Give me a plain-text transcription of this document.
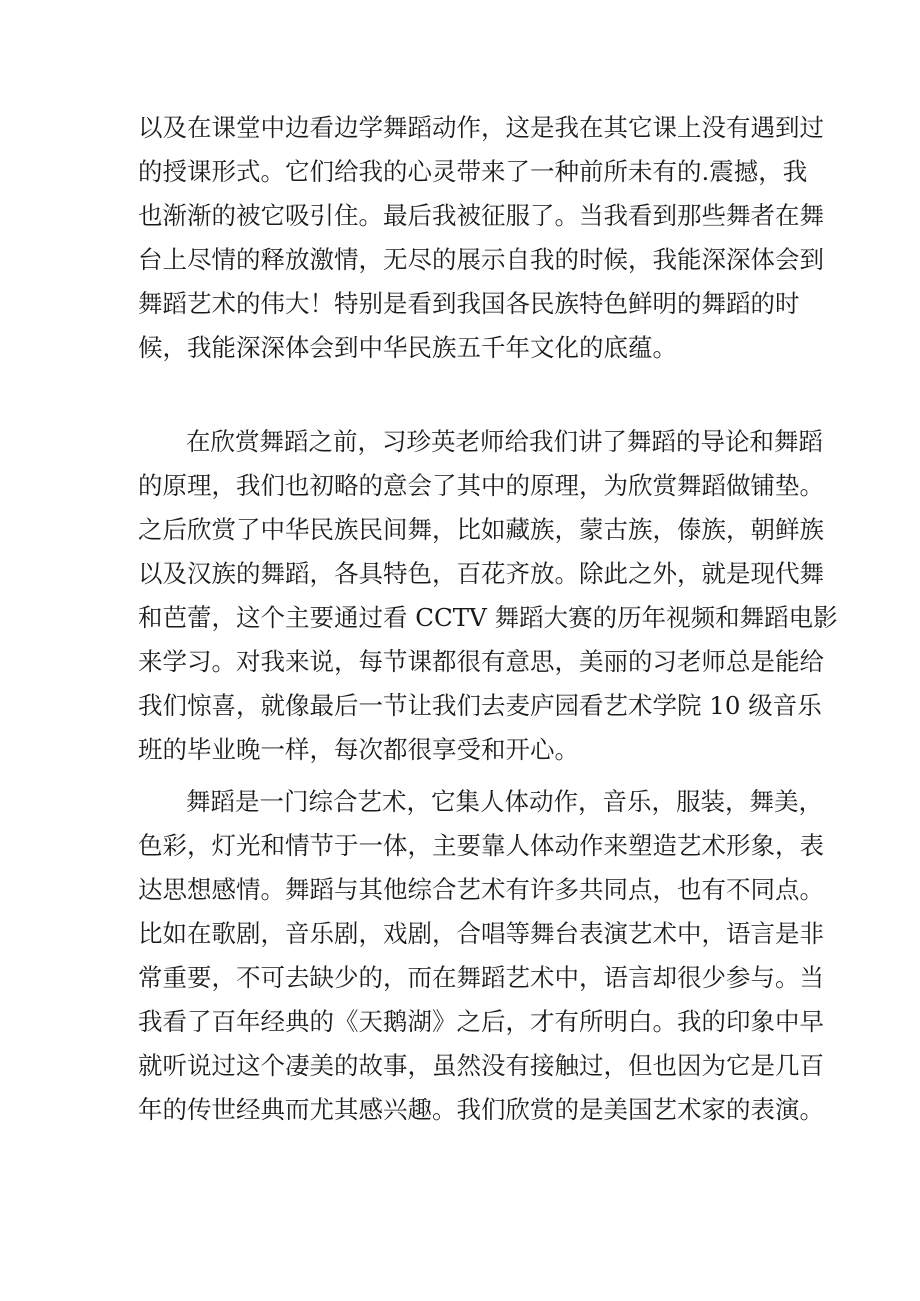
以及在课堂中边看边学舞蹈动作，这是我在其它课上没有遇到过
的授课形式。它们给我的心灵带来了一种前所未有的.震撼，我
也渐渐的被它吸引住。最后我被征服了。当我看到那些舞者在舞
台上尽情的释放激情，无尽的展示自我的时候，我能深深体会到
舞蹈艺术的伟大！特别是看到我国各民族特色鲜明的舞蹈的时
候，我能深深体会到中华民族五千年文化的底蕴。
在欣赏舞蹈之前，习珍英老师给我们讲了舞蹈的导论和舞蹈
的原理，我们也初略的意会了其中的原理，为欣赏舞蹈做铺垫。
之后欣赏了中华民族民间舞，比如藏族，蒙古族，傣族，朝鲜族
以及汉族的舞蹈，各具特色，百花齐放。除此之外，就是现代舞
和芭蕾，这个主要通过看 CCTV 舞蹈大赛的历年视频和舞蹈电影
来学习。对我来说，每节课都很有意思，美丽的习老师总是能给
我们惊喜，就像最后一节让我们去麦庐园看艺术学院 10 级音乐
班的毕业晚一样，每次都很享受和开心。
舞蹈是一门综合艺术，它集人体动作，音乐，服装，舞美，
色彩，灯光和情节于一体，主要靠人体动作来塑造艺术形象，表
达思想感情。舞蹈与其他综合艺术有许多共同点，也有不同点。
比如在歌剧，音乐剧，戏剧，合唱等舞台表演艺术中，语言是非
常重要，不可去缺少的，而在舞蹈艺术中，语言却很少参与。当
我看了百年经典的《天鹅湖》之后，才有所明白。我的印象中早
就听说过这个凄美的故事，虽然没有接触过，但也因为它是几百
年的传世经典而尤其感兴趣。我们欣赏的是美国艺术家的表演。
